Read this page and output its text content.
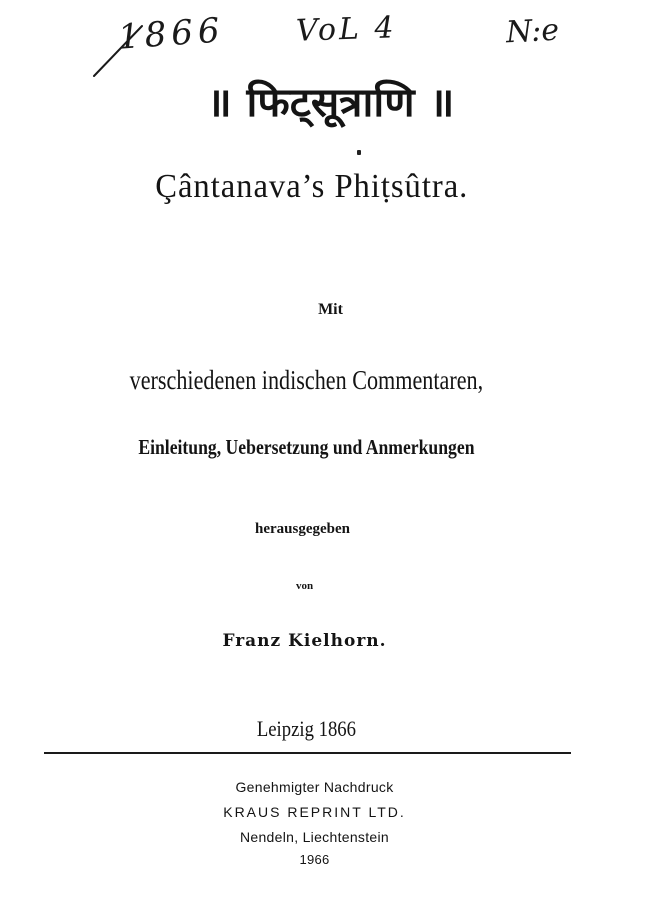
1866 VoL 4	N:e
॥ फिट्सूत्राणि ॥
Çântanava’s Phiṭsûtra.
Mit
verschiedenen indischen Commentaren,
Einleitung, Uebersetzung und Anmerkungen
herausgegeben
von
Franz Kielhorn.
Leipzig 1866
Genehmigter Nachdruck
KRAUS REPRINT LTD.
Nendeln, Liechtenstein
1966
